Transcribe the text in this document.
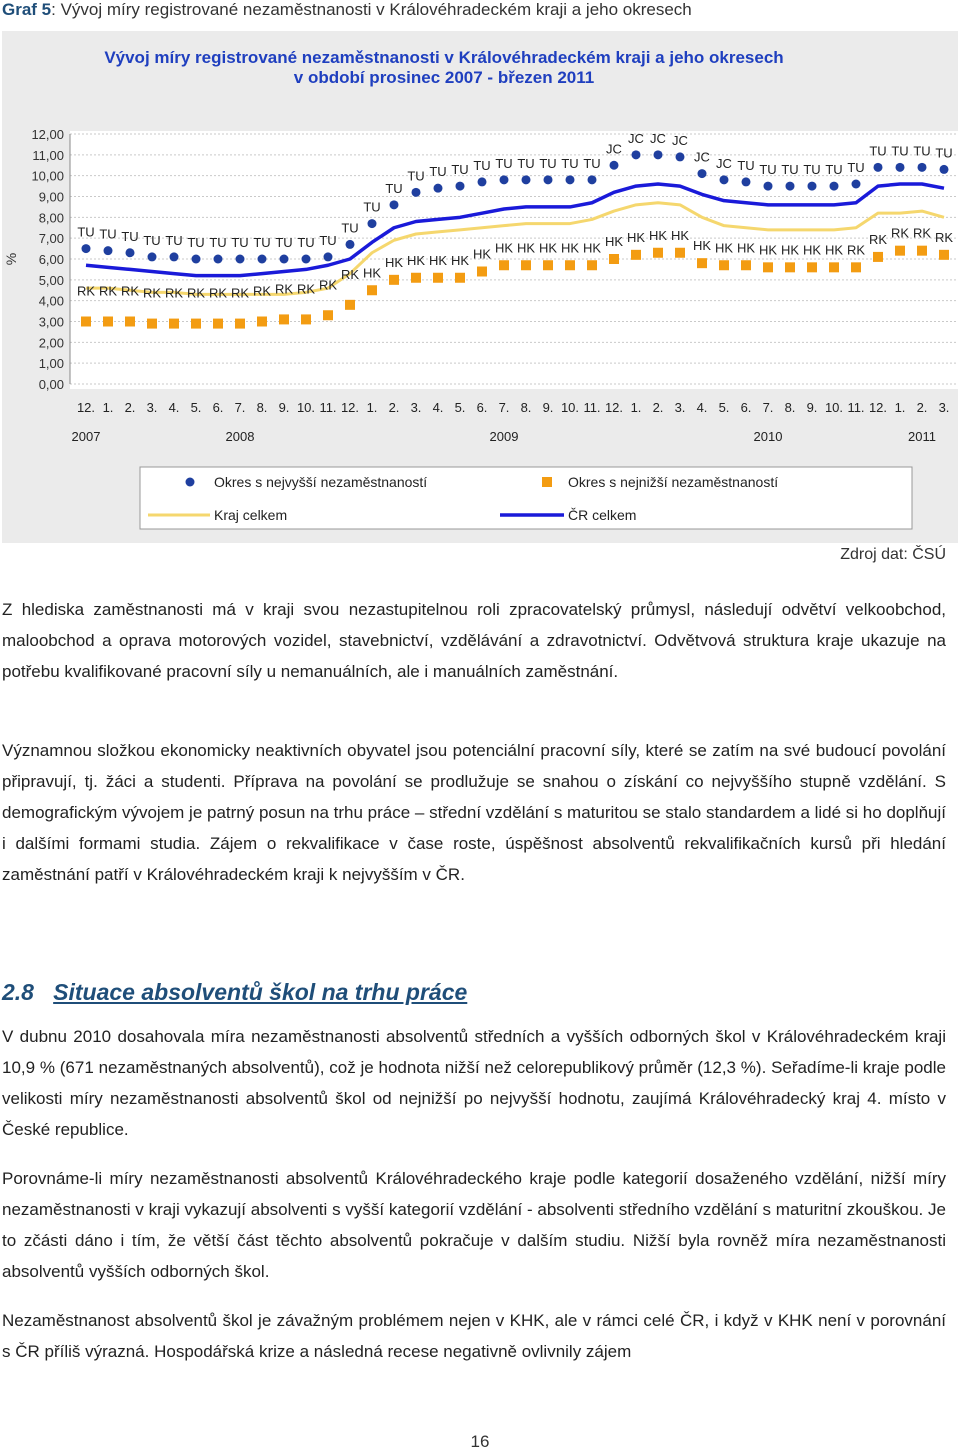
Graf 5: Vývoj míry registrované nezaměstnanosti v Královéhradeckém kraji a jeho okresech
Vývoj míry registrované nezaměstnanosti v Královéhradeckém kraji a jeho okresech
v období prosinec 2007 - březen 2011
%
0,00
1,00
2,00
3,00
4,00
5,00
6,00
7,00
8,00
9,00
10,00
11,00
12,00
12. 1. 2. 3. 4. 5. 6. 7. 8. 9. 10. 11. 12. 1. 2. 3. 4. 5. 6. 7. 8. 9. 10. 11. 12. 1. 2. 3. 4. 5. 6. 7. 8. 9. 10. 11. 12. 1. 2. 3.
2007	2008	2009	2010	2011
TU TU TU TU TU TU TU TU TU TU TU TU
TU
TU
TU
TU TU TU TU TU TU TU TU TU
JC
JC JC JC
JC JC TU TU TU TU TU TU
TU TU TU TU
RK RK RK RK RK RK RK RK RK RK RK RK
RK HK
HK HK HK HK HK HK HK HK HK HK HK HK HK HK
HK HK HK HK HK HK HK RK
RK RK RK RK
Okres s nejvyšší nezaměstnaností	Okres s nejnižší nezaměstnaností
Kraj celkem	ČR celkem
Zdroj dat: ČSÚ
Z hlediska zaměstnanosti má v kraji svou nezastupitelnou roli zpracovatelský průmysl, následují odvětví velkoobchod, maloobchod a oprava motorových vozidel, stavebnictví, vzdělávání a zdravotnictví. Odvětvová struktura kraje ukazuje na potřebu kvalifikované pracovní síly u nemanuálních, ale i manuálních zaměstnání.
Významnou složkou ekonomicky neaktivních obyvatel jsou potenciální pracovní síly, které se zatím na své budoucí povolání připravují, tj. žáci a studenti. Příprava na povolání se prodlužuje se snahou o získání co nejvyššího stupně vzdělání. S demografickým vývojem je patrný posun na trhu práce – střední vzdělání s maturitou se stalo standardem a lidé si ho doplňují i dalšími formami studia. Zájem o rekvalifikace v čase roste, úspěšnost absolventů rekvalifikačních kursů při hledání zaměstnání patří v Královéhradeckém kraji k nejvyšším v ČR.
2.8 Situace absolventů škol na trhu práce
V dubnu 2010 dosahovala míra nezaměstnanosti absolventů středních a vyšších odborných škol v Královéhradeckém kraji 10,9 % (671 nezaměstnaných absolventů), což je hodnota nižší než celorepublikový průměr (12,3 %). Seřadíme-li kraje podle velikosti míry nezaměstnanosti absolventů škol od nejnižší po nejvyšší hodnotu, zaujímá Královéhradecký kraj 4. místo v České republice.
Porovnáme-li míry nezaměstnanosti absolventů Královéhradeckého kraje podle kategorií dosaženého vzdělání, nižší míry nezaměstnanosti v kraji vykazují absolventi s vyšší kategorií vzdělání - absolventi středního vzdělání s maturitní zkouškou. Je to zčásti dáno i tím, že větší část těchto absolventů pokračuje v dalším studiu. Nižší byla rovněž míra nezaměstnanosti absolventů vyšších odborných škol.
Nezaměstnanost absolventů škol je závažným problémem nejen v KHK, ale v rámci celé ČR, i když v KHK není v porovnání s ČR příliš výrazná. Hospodářská krize a následná recese negativně ovlivnily zájem
16
